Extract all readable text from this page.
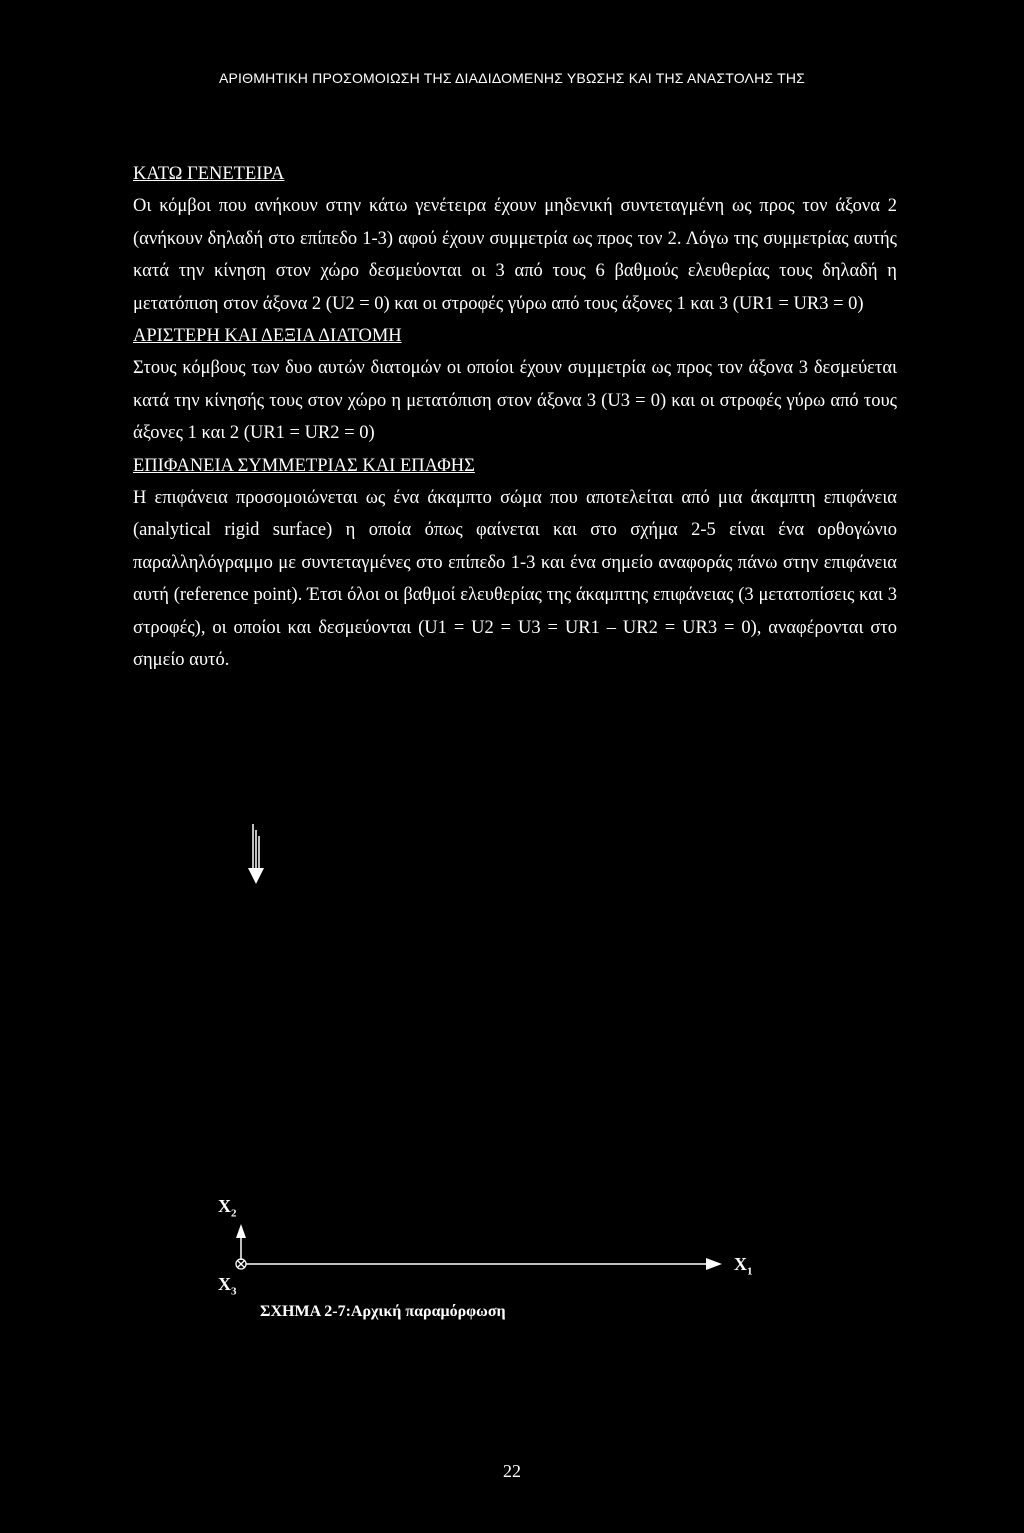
ΑΡΙΘΜΗΤΙΚΗ ΠΡΟΣΟΜΟΙΩΣΗ ΤΗΣ ΔΙΑΔΙΔΟΜΕΝΗΣ ΥΒΩΣΗΣ ΚΑΙ ΤΗΣ ΑΝΑΣΤΟΛΗΣ ΤΗΣ
ΚΑΤΩ ΓΕΝΕΤΕΙΡΑ

Οι κόμβοι που ανήκουν στην κάτω γενέτειρα έχουν μηδενική συντεταγμένη ως προς τον άξονα 2 (ανήκουν δηλαδή στο επίπεδο 1-3) αφού έχουν συμμετρία ως προς τον 2. Λόγω της συμμετρίας αυτής κατά την κίνηση στον χώρο δεσμεύονται οι 3 από τους 6 βαθμούς ελευθερίας τους δηλαδή η μετατόπιση στον άξονα 2 (U2 = 0) και οι στροφές γύρω από τους άξονες 1 και 3 (UR1 = UR3 = 0)

ΑΡΙΣΤΕΡΗ ΚΑΙ ΔΕΞΙΑ ΔΙΑΤΟΜΗ

Στους κόμβους των δυο αυτών διατομών οι οποίοι έχουν συμμετρία ως προς τον άξονα 3 δεσμεύεται κατά την κίνησής τους στον χώρο η μετατόπιση στον άξονα 3 (U3 = 0) και οι στροφές γύρω από τους άξονες 1 και 2 (UR1 = UR2 = 0)

ΕΠΙΦΑΝΕΙΑ ΣΥΜΜΕΤΡΙΑΣ ΚΑΙ ΕΠΑΦΗΣ

Η επιφάνεια προσομοιώνεται ως ένα άκαμπτο σώμα που αποτελείται από μια άκαμπτη επιφάνεια (analytical rigid surface) η οποία όπως φαίνεται και στο σχήμα 2-5 είναι ένα ορθογώνιο παραλληλόγραμμο με συντεταγμένες στο επίπεδο 1-3 και ένα σημείο αναφοράς πάνω στην επιφάνεια αυτή (reference point). Έτσι όλοι οι βαθμοί ελευθερίας της άκαμπτης επιφάνειας (3 μετατοπίσεις και 3 στροφές), οι οποίοι και δεσμεύονται (U1 = U2 = U3 = UR1 – UR2 = UR3 = 0), αναφέρονται στο σημείο αυτό.

$X_2$
$X_1$
$X_3$
ΣΧΗΜΑ 2-7:Αρχική παραμόρφωση
22
